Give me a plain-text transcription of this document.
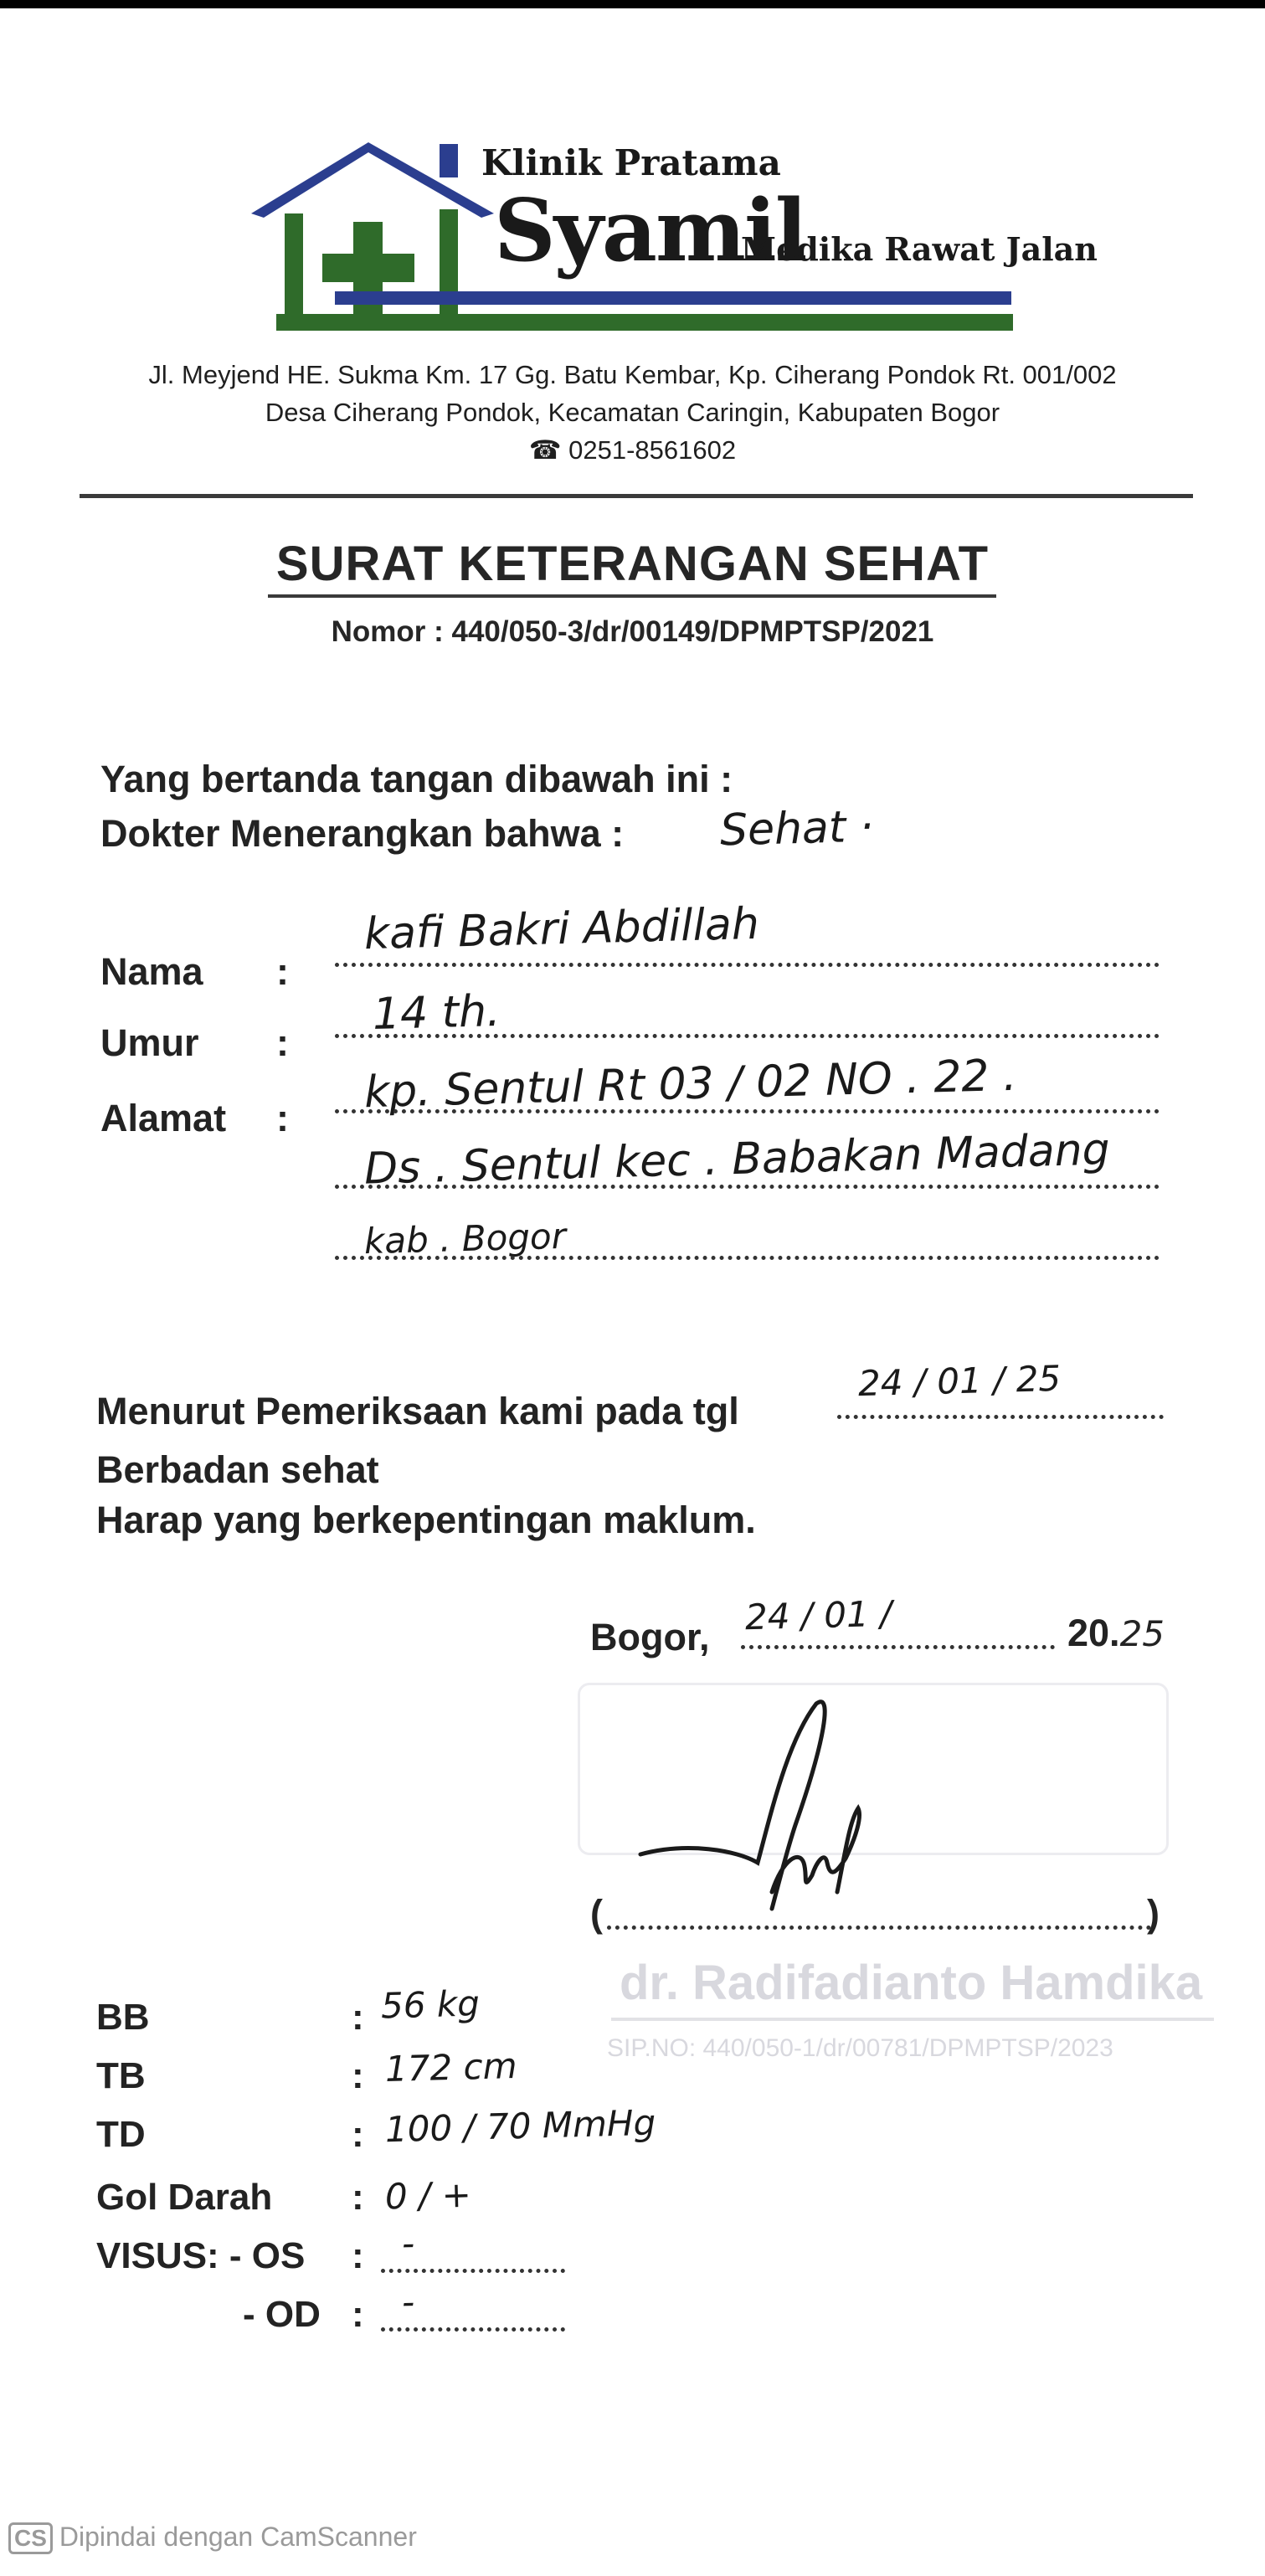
Klinik Pratama
Syamil
Medika Rawat Jalan
Jl. Meyjend HE. Sukma Km. 17 Gg. Batu Kembar, Kp. Ciherang Pondok Rt. 001/002
Desa Ciherang Pondok, Kecamatan Caringin, Kabupaten Bogor
☎ 0251-8561602
SURAT KETERANGAN SEHAT
Nomor : 440/050-3/dr/00149/DPMPTSP/2021
Yang bertanda tangan dibawah ini :
Dokter Menerangkan bahwa : Sehat ·
Nama :
kafi Bakri Abdillah
Umur :
14 th.
Alamat :
kp. Sentul Rt 03 / 02 NO . 22 .
Ds . Sentul kec . Babakan Madang
kab . Bogor
Menurut Pemeriksaan kami pada tgl
24 / 01 / 25
Berbadan sehat
Harap yang berkepentingan maklum.
Bogor, 24 / 01 /	20.25
dr. Radifadianto Hamdika
SIP.NO: 440/050-1/dr/00781/DPMPTSP/2023
(	)
BB	: 56 kg
TB	: 172 cm
TD	: 100 / 70 MmHg
Gol Darah : 0 / +
VISUS: - OS : -
- OD : -
CS Dipindai dengan CamScanner
